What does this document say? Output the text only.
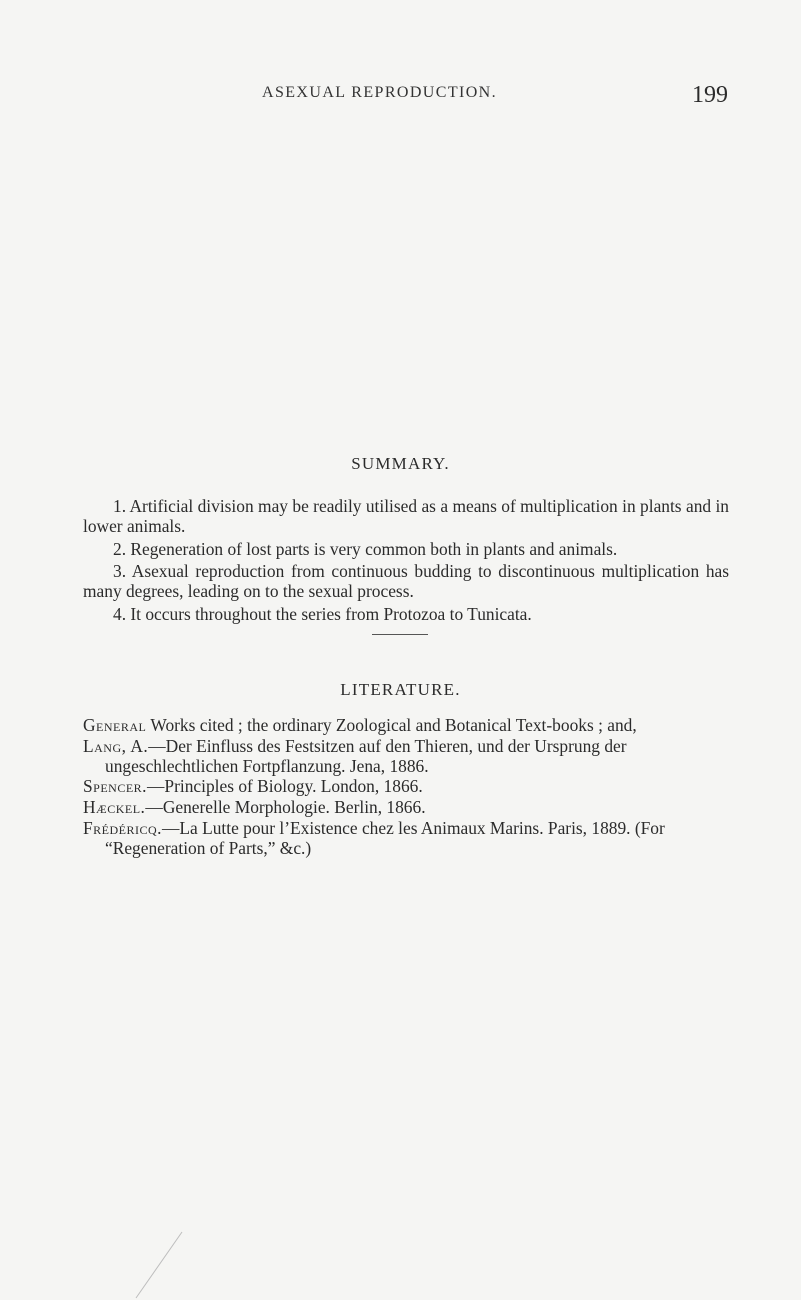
ASEXUAL REPRODUCTION.	199
SUMMARY.

1. Artificial division may be readily utilised as a means of multiplication in plants and in lower animals.

2. Regeneration of lost parts is very common both in plants and animals.

3. Asexual reproduction from continuous budding to discontinuous multiplication has many degrees, leading on to the sexual process.

4. It occurs throughout the series from Protozoa to Tunicata.

LITERATURE.

General Works cited ; the ordinary Zoological and Botanical Text-books ; and,

Lang, A.—Der Einfluss des Festsitzen auf den Thieren, und der Ursprung der ungeschlechtlichen Fortpflanzung. Jena, 1886.

Spencer.—Principles of Biology. London, 1866.

Hæckel.—Generelle Morphologie. Berlin, 1866.

Frédéricq.—La Lutte pour l’Existence chez les Animaux Marins. Paris, 1889. (For “Regeneration of Parts,” &c.)
